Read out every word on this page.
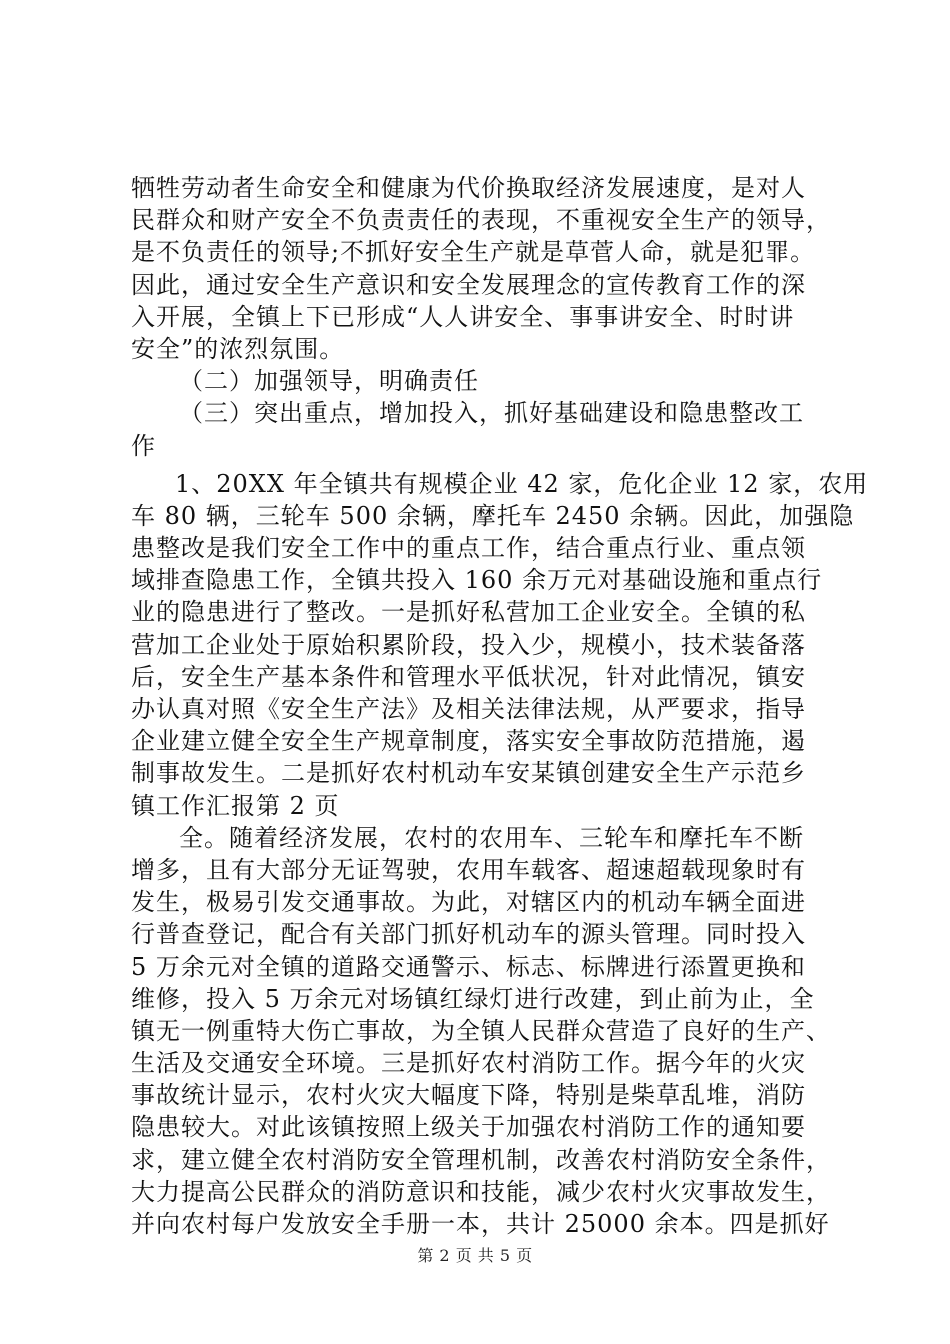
牺牲劳动者生命安全和健康为代价换取经济发展速度，是对人
民群众和财产安全不负责责任的表现，不重视安全生产的领导，
是不负责任的领导;不抓好安全生产就是草菅人命，就是犯罪。
因此，通过安全生产意识和安全发展理念的宣传教育工作的深
入开展，全镇上下已形成“人人讲安全、事事讲安全、时时讲
安全”的浓烈氛围。
（二）加强领导，明确责任
（三）突出重点，增加投入，抓好基础建设和隐患整改工
作
1、20XX 年全镇共有规模企业 42 家，危化企业 12 家，农用
车 80 辆，三轮车 500 余辆，摩托车 2450 余辆。因此，加强隐
患整改是我们安全工作中的重点工作，结合重点行业、重点领
域排查隐患工作，全镇共投入 160 余万元对基础设施和重点行
业的隐患进行了整改。一是抓好私营加工企业安全。全镇的私
营加工企业处于原始积累阶段，投入少，规模小，技术装备落
后，安全生产基本条件和管理水平低状况，针对此情况，镇安
办认真对照《安全生产法》及相关法律法规，从严要求，指导
企业建立健全安全生产规章制度，落实安全事故防范措施，遏
制事故发生。二是抓好农村机动车安某镇创建安全生产示范乡
镇工作汇报第 2 页
全。随着经济发展，农村的农用车、三轮车和摩托车不断
增多，且有大部分无证驾驶，农用车载客、超速超载现象时有
发生，极易引发交通事故。为此，对辖区内的机动车辆全面进
行普查登记，配合有关部门抓好机动车的源头管理。同时投入
5 万余元对全镇的道路交通警示、标志、标牌进行添置更换和
维修，投入 5 万余元对场镇红绿灯进行改建，到止前为止，全
镇无一例重特大伤亡事故，为全镇人民群众营造了良好的生产、
生活及交通安全环境。三是抓好农村消防工作。据今年的火灾
事故统计显示，农村火灾大幅度下降，特别是柴草乱堆，消防
隐患较大。对此该镇按照上级关于加强农村消防工作的通知要
求，建立健全农村消防安全管理机制，改善农村消防安全条件，
大力提高公民群众的消防意识和技能，减少农村火灾事故发生，
并向农村每户发放安全手册一本，共计 25000 余本。四是抓好
第 2 页 共 5 页
